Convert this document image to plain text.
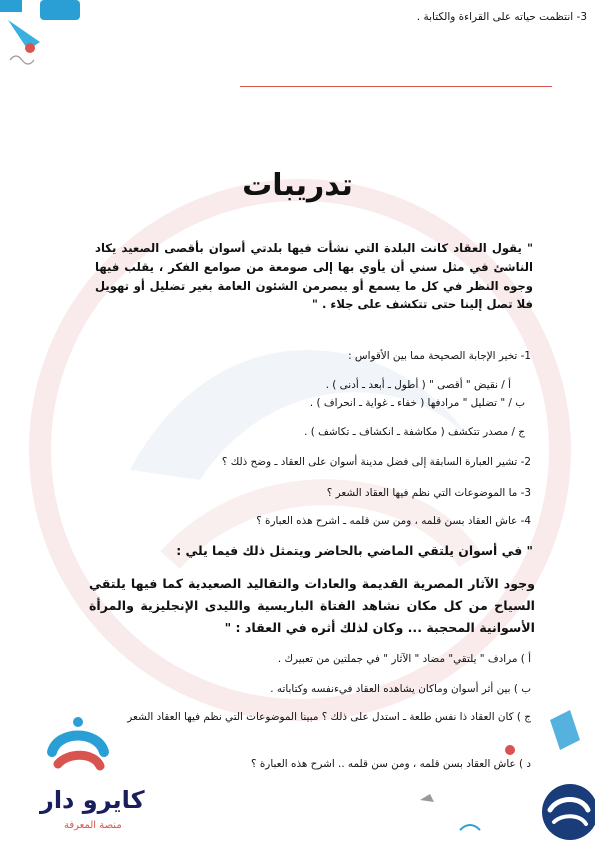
3- انتظمت حياته على القراءة والكتابة .
تدريبات
" يقول العقاد كانت البلدة التي نشأت فيها بلدتي أسوان بأقصى الصعيد يكاد الناشئ في مثل سني أن يأوي بها إلى صومعة من صوامع الفكر ، يقلب فيها وجوه النظر في كل ما يسمع أو يبصرمن الشئون العامة بغير تضليل أو تهويل فلا تصل إلينا حتى تتكشف على جلاء . "
1- تخير الإجابة الصحيحة مما بين الأقواس :
أ / نقيض " أقصى " ( أطول ـ أبعد ـ أدنى ) .
ب / " تضليل " مرادفها ( خفاء ـ غواية ـ انحراف ) .
ج / مصدر تتكشف ( مكاشفة ـ انكشاف ـ تكاشف ) .
2- تشير العبارة السابقة إلى فضل مدينة أسوان على العقاد ـ وضح ذلك ؟
3- ما الموضوعات التي نظم فيها العقاد الشعر ؟
4- عاش العقاد بسن قلمه ، ومن سن قلمه ـ اشرح هذه العبارة ؟
" في أسوان يلتقي الماضي بالحاضر ويتمثل ذلك فيما يلي :
وجود الآثار المصرية القديمة والعادات والتقاليد الصعيدية كما فيها يلتقي السياح من كل مكان نشاهد الفتاة الباريسية والليدى الإنجليزية والمرأة الأسوانية المحجبة ... وكان لذلك أثره في العقاد : "
أ ) مرادف " يلتقي" مضاد " الآثار " في جملتين من تعبيرك .
ب ) بين أثر أسوان وماكان يشاهده العقاد فيءنفسه وكتاباته .
ج ) كان العقاد ذا نفس طلعة ـ استدل على ذلك ؟ مبينا الموضوعات التي نظم فيها العقاد الشعر
د ) عاش العقاد بسن قلمه ، ومن سن قلمه .. اشرح هذه العبارة ؟
كايرو دار
منصة المعرفة
